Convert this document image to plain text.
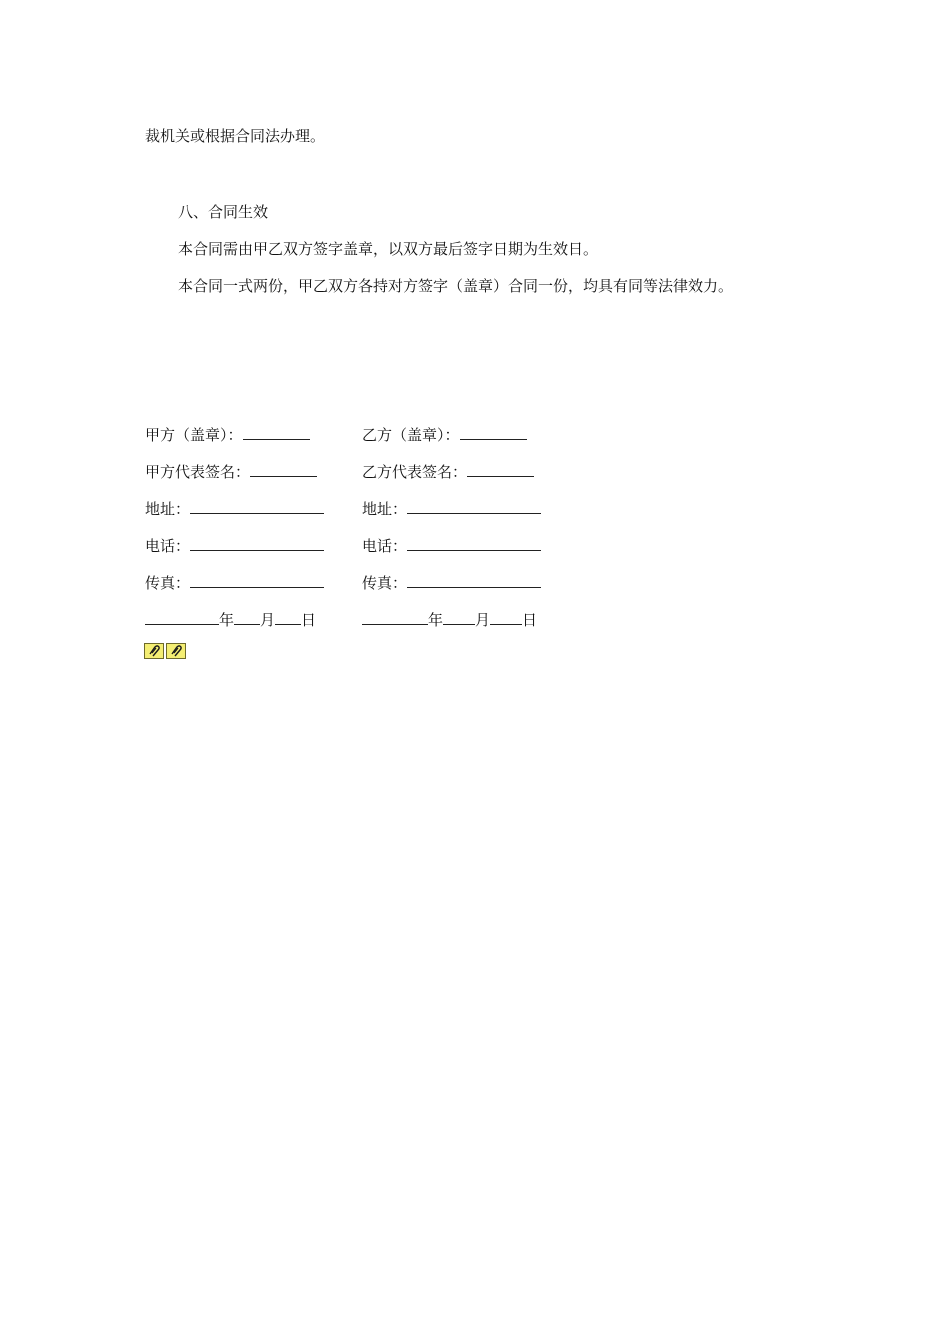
裁机关或根据合同法办理。
八、合同生效
本合同需由甲乙双方签字盖章，以双方最后签字日期为生效日。
本合同一式两份，甲乙双方各持对方签字（盖章）合同一份，均具有同等法律效力。
甲方（盖章）：	乙方（盖章）：
甲方代表签名：	乙方代表签名：
地址：	地址：
电话：	电话：
传真：	传真：
年 月 日	年 月 日
